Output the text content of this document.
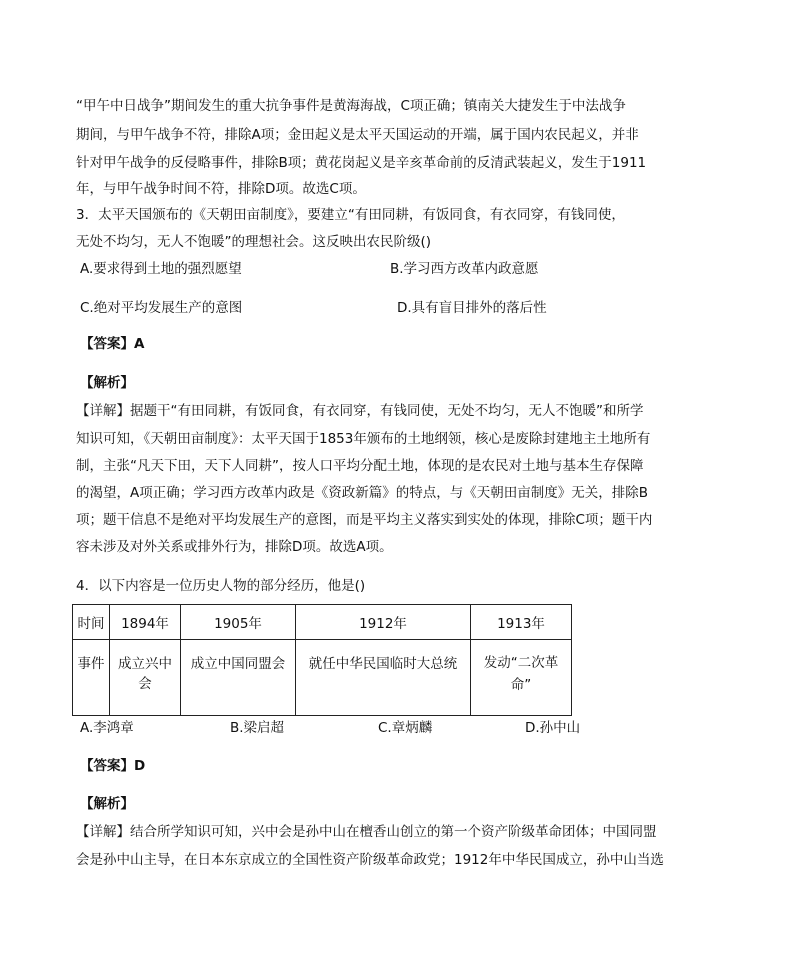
“甲午中日战争”期间发生的重大抗争事件是黄海海战，C项正确；镇南关大捷发生于中法战争
期间，与甲午战争不符，排除A项；金田起义是太平天国运动的开端，属于国内农民起义，并非
针对甲午战争的反侵略事件，排除B项；黄花岗起义是辛亥革命前的反清武装起义，发生于1911
年，与甲午战争时间不符，排除D项。故选C项。
3．太平天国颁布的《天朝田亩制度》，要建立“有田同耕，有饭同食，有衣同穿，有钱同使，
无处不均匀，无人不饱暖”的理想社会。这反映出农民阶级()
A.要求得到土地的强烈愿望	B.学习西方改革内政意愿
C.绝对平均发展生产的意图	D.具有盲目排外的落后性
【答案】A
【解析】
【详解】据题干“有田同耕，有饭同食，有衣同穿，有钱同使，无处不均匀，无人不饱暖”和所学
知识可知，《天朝田亩制度》：太平天国于1853年颁布的土地纲领，核心是废除封建地主土地所有
制，主张“凡天下田，天下人同耕”，按人口平均分配土地，体现的是农民对土地与基本生存保障
的渴望，A项正确；学习西方改革内政是《资政新篇》的特点，与《天朝田亩制度》无关，排除B
项；题干信息不是绝对平均发展生产的意图，而是平均主义落实到实处的体现，排除C项；题干内
容未涉及对外关系或排外行为，排除D项。故选A项。
4．以下内容是一位历史人物的部分经历，他是()
时间	1894年	1905年	1912年	1913年
事件	成立兴中会	成立中国同盟会	就任中华民国临时大总统	发动“二次革命”
A.李鸿章	B.梁启超	C.章炳麟	D.孙中山
【答案】D
【解析】
【详解】结合所学知识可知，兴中会是孙中山在檀香山创立的第一个资产阶级革命团体；中国同盟
会是孙中山主导，在日本东京成立的全国性资产阶级革命政党；1912年中华民国成立，孙中山当选
